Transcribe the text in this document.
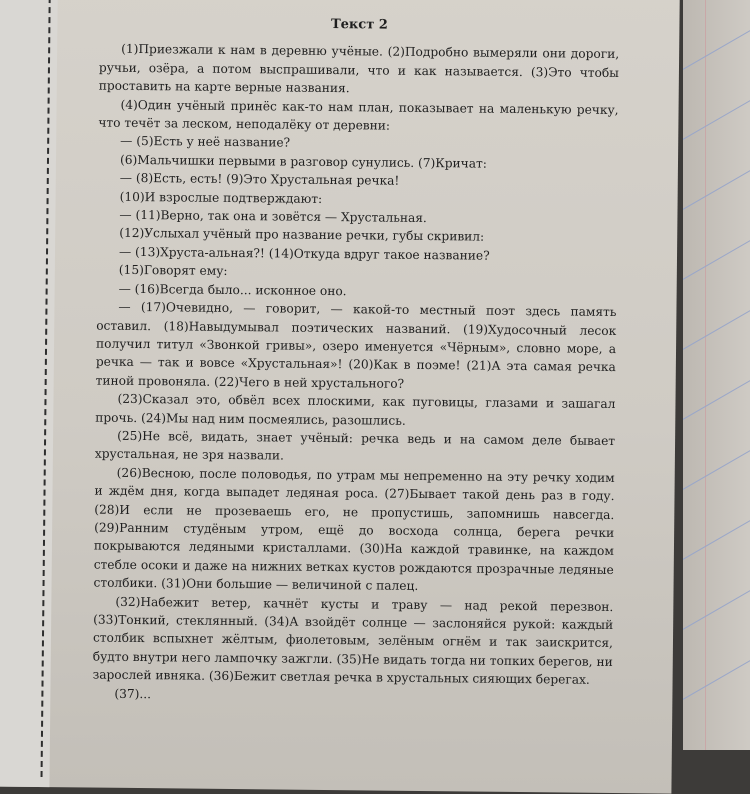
Текст 2

(1)Приезжали к нам в деревню учёные. (2)Подробно вымеряли они дороги, ручьи, озёра, а потом выспрашивали, что и как называется. (3)Это чтобы проставить на карте верные названия.

(4)Один учёный принёс как-то нам план, показывает на маленькую речку, что течёт за леском, неподалёку от деревни:

— (5)Есть у неё название?

(6)Мальчишки первыми в разговор сунулись. (7)Кричат:

— (8)Есть, есть! (9)Это Хрустальная речка!

(10)И взрослые подтверждают:

— (11)Верно, так она и зовётся — Хрустальная.

(12)Услыхал учёный про название речки, губы скривил:

— (13)Хруста-альная?! (14)Откуда вдруг такое название?

(15)Говорят ему:

— (16)Всегда было... исконное оно.

— (17)Очевидно, — говорит, — какой-то местный поэт здесь память оставил. (18)Навыдумывал поэтических названий. (19)Худосочный лесок получил титул «Звонкой гривы», озеро именуется «Чёрным», словно море, а речка — так и вовсе «Хрустальная»! (20)Как в поэме! (21)А эта самая речка тиной провоняла. (22)Чего в ней хрустального?

(23)Сказал это, обвёл всех плоскими, как пуговицы, глазами и зашагал прочь. (24)Мы над ним посмеялись, разошлись.

(25)Не всё, видать, знает учёный: речка ведь и на самом деле бывает хрустальная, не зря назвали.

(26)Весною, после половодья, по утрам мы непременно на эту речку ходим и ждём дня, когда выпадет ледяная роса. (27)Бывает такой день раз в году. (28)И если не прозеваешь его, не пропустишь, запомнишь навсегда. (29)Ранним студёным утром, ещё до восхода солнца, берега речки покрываются ледяными кристаллами. (30)На каждой травинке, на каждом стебле осоки и даже на нижних ветках кустов рождаются прозрачные ледяные столбики. (31)Они большие — величиной с палец.

(32)Набежит ветер, качнёт кусты и траву — над рекой перезвон. (33)Тонкий, стеклянный. (34)А взойдёт солнце — заслоняйся рукой: каждый столбик вспыхнет жёлтым, фиолетовым, зелёным огнём и так заискрится, будто внутри него лампочку зажгли. (35)Не видать тогда ни топких берегов, ни зарослей ивняка. (36)Бежит светлая речка в хрустальных сияющих берегах.

(37)...
